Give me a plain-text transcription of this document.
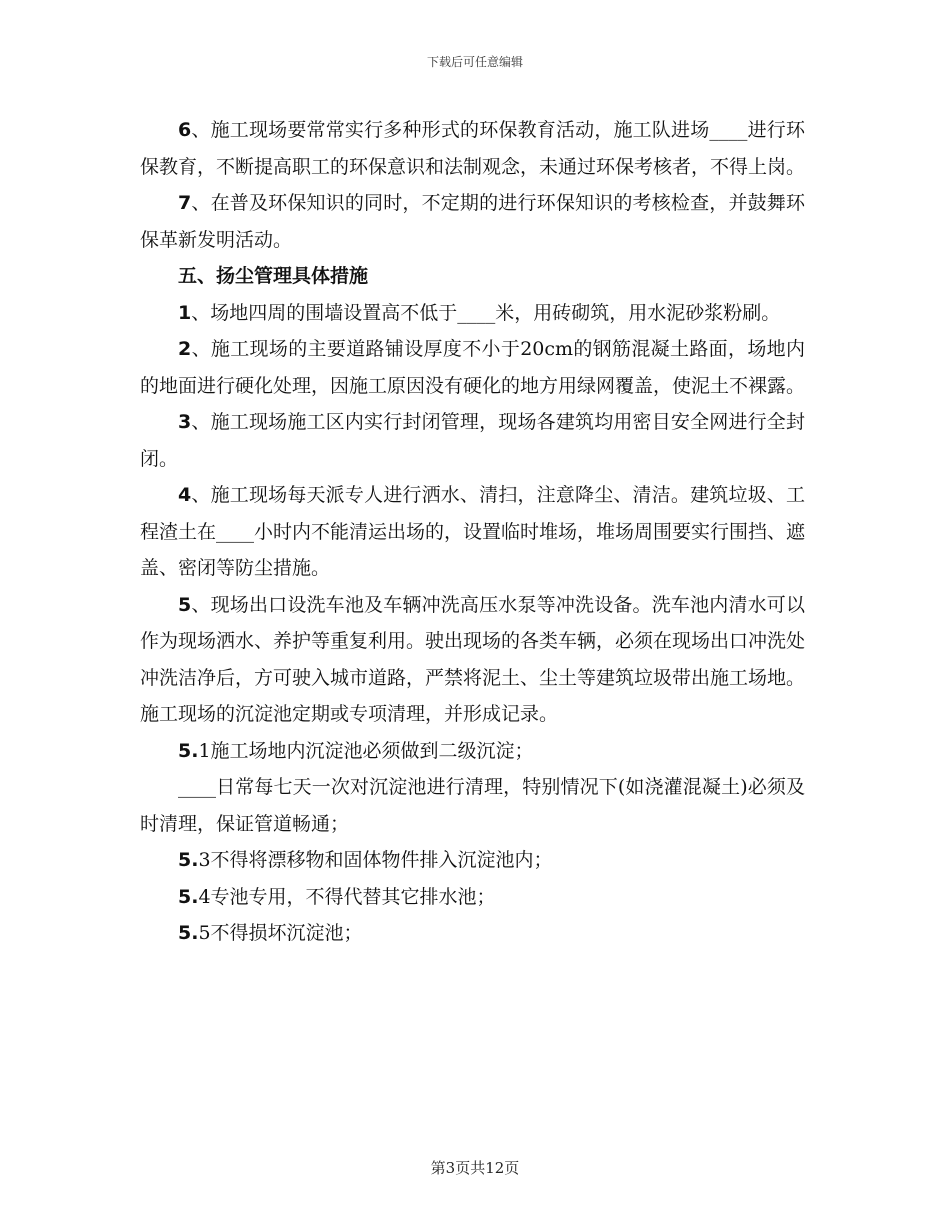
下载后可任意编辑

6、施工现场要常常实行多种形式的环保教育活动，施工队进场____进行环保教育，不断提高职工的环保意识和法制观念，未通过环保考核者，不得上岗。

7、在普及环保知识的同时，不定期的进行环保知识的考核检查，并鼓舞环保革新发明活动。

五、扬尘管理具体措施

1、场地四周的围墙设置高不低于____米，用砖砌筑，用水泥砂浆粉刷。

2、施工现场的主要道路铺设厚度不小于20cm的钢筋混凝土路面，场地内的地面进行硬化处理，因施工原因没有硬化的地方用绿网覆盖，使泥土不裸露。

3、施工现场施工区内实行封闭管理，现场各建筑均用密目安全网进行全封闭。

4、施工现场每天派专人进行洒水、清扫，注意降尘、清洁。建筑垃圾、工程渣土在____小时内不能清运出场的，设置临时堆场，堆场周围要实行围挡、遮盖、密闭等防尘措施。

5、现场出口设洗车池及车辆冲洗高压水泵等冲洗设备。洗车池内清水可以作为现场洒水、养护等重复利用。驶出现场的各类车辆，必须在现场出口冲洗处冲洗洁净后，方可驶入城市道路，严禁将泥土、尘土等建筑垃圾带出施工场地。施工现场的沉淀池定期或专项清理，并形成记录。

5.1施工场地内沉淀池必须做到二级沉淀；

____日常每七天一次对沉淀池进行清理，特别情况下(如浇灌混凝土)必须及时清理，保证管道畅通；

5.3不得将漂移物和固体物件排入沉淀池内；

5.4专池专用，不得代替其它排水池；

5.5不得损坏沉淀池；

第3页共12页
